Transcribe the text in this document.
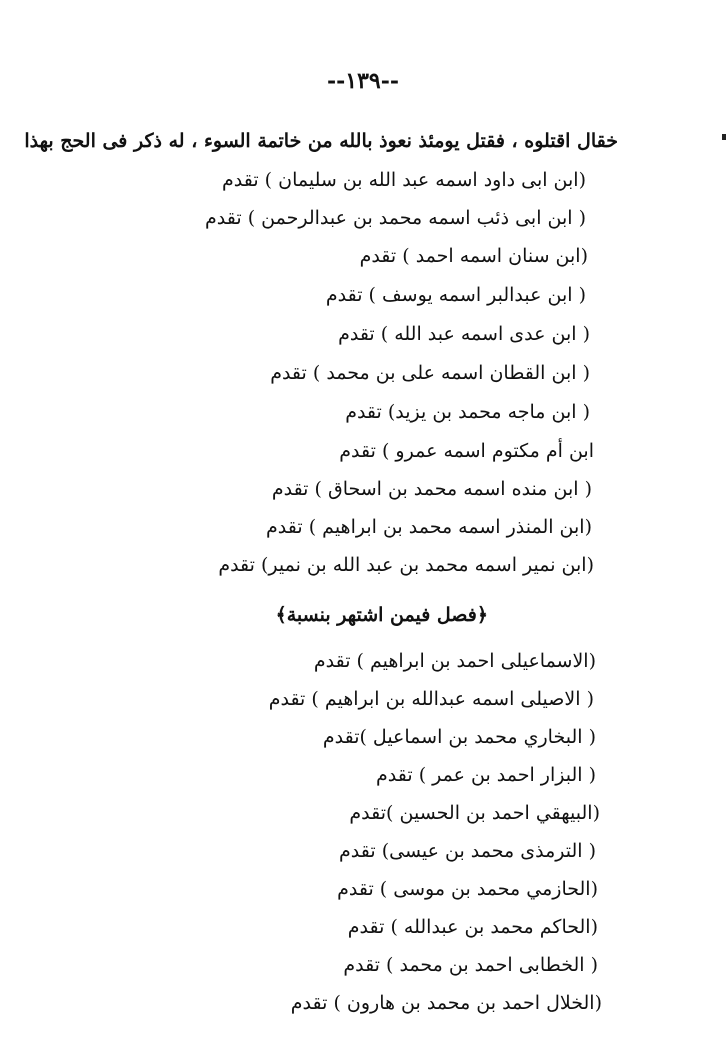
--١٣٩--
خقال اقتلوه ، فقتل يومئذ نعوذ بالله من خاتمة السوء ، له ذكر فى الحج بهذا
(ابن ابى داود اسمه عبد الله بن سليمان ) تقدم
( ابن ابى ذئب اسمه محمد بن عبدالرحمن ) تقدم
(ابن سنان اسمه احمد ) تقدم
( ابن عبدالبر اسمه يوسف ) تقدم
( ابن عدى اسمه عبد الله ) تقدم
( ابن القطان اسمه على بن محمد ) تقدم
( ابن ماجه محمد بن يزيد) تقدم
ابن أم مكتوم اسمه عمرو ) تقدم
( ابن منده اسمه محمد بن اسحاق ) تقدم
(ابن المنذر اسمه محمد بن ابراهيم ) تقدم
(ابن نمير اسمه محمد بن عبد الله بن نمير) تقدم
﴿فصل فيمن اشتهر بنسبة﴾
(الاسماعيلى احمد بن ابراهيم ) تقدم
( الاصيلى اسمه عبدالله بن ابراهيم ) تقدم
( البخاري محمد بن اسماعيل )تقدم
( البزار احمد بن عمر ) تقدم
(البيهقي احمد بن الحسين )تقدم
( الترمذى محمد بن عيسى) تقدم
(الحازمي محمد بن موسى ) تقدم
(الحاكم محمد بن عبدالله ) تقدم
( الخطابى احمد بن محمد ) تقدم
(الخلال احمد بن محمد بن هارون ) تقدم
